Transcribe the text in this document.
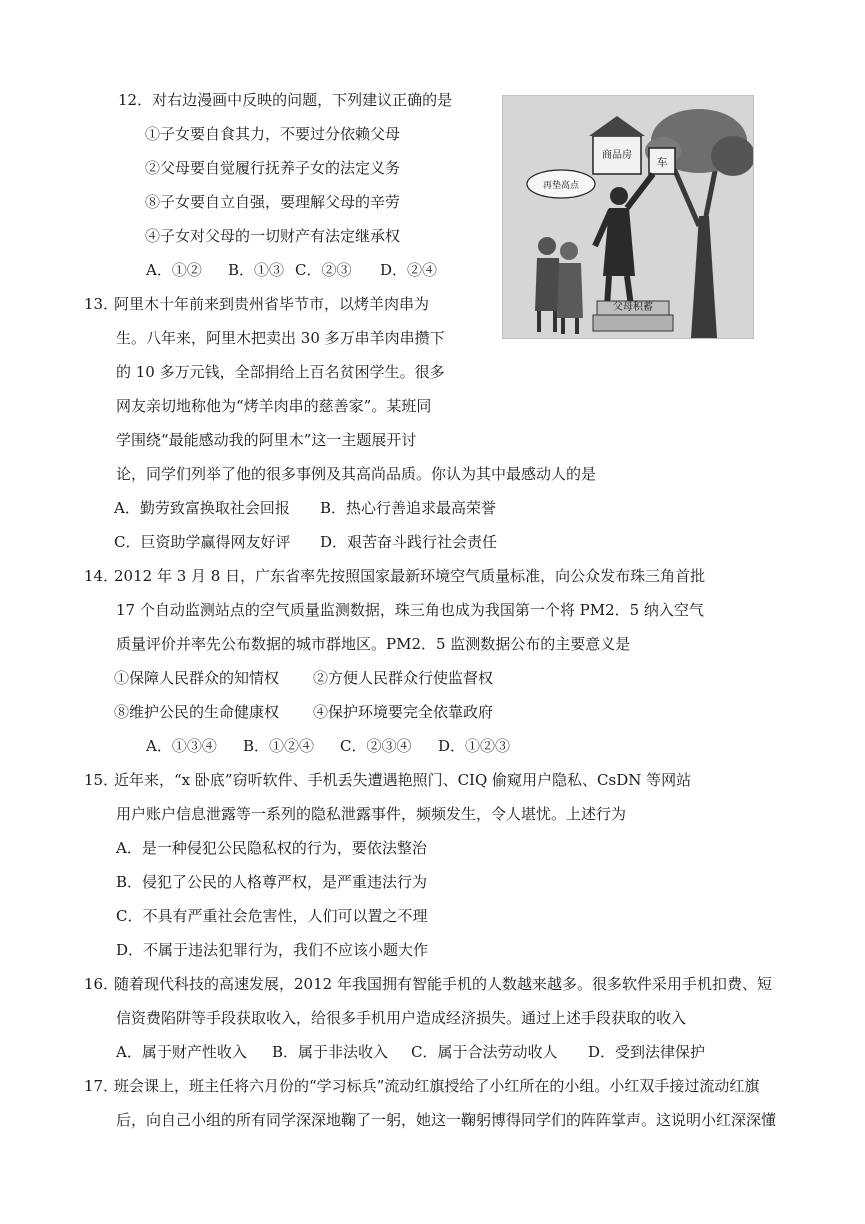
12．对右边漫画中反映的问题，下列建议正确的是
①子女要自食其力，不要过分依赖父母
②父母要自觉履行抚养子女的法定义务
⑧子女要自立自强，要理解父母的辛劳
④子女对父母的一切财产有法定继承权
A．①② B．①③ C．②③ D．②④
商品房
车
再垫高点
父母积蓄
13．
阿里木十年前来到贵州省毕节市，以烤羊肉串为
生。八年来，阿里木把卖出 30 多万串羊肉串攒下
的 10 多万元钱，全部捐给上百名贫困学生。很多
网友亲切地称他为“烤羊肉串的慈善家”。某班同
学围绕“最能感动我的阿里木”这一主题展开讨
论，同学们列举了他的很多事例及其高尚品质。你认为其中最感动人的是
A．勤劳致富换取社会回报 B．热心行善追求最高荣誉
C．巨资助学赢得网友好评 D．艰苦奋斗践行社会责任
14．
2012 年 3 月 8 日，广东省率先按照国家最新环境空气质量标准，向公众发布珠三角首批
17 个自动监测站点的空气质量监测数据，珠三角也成为我国第一个将 PM2．5 纳入空气
质量评价并率先公布数据的城市群地区。PM2．5 监测数据公布的主要意义是
①保障人民群众的知情权 ②方便人民群众行使监督权
⑧维护公民的生命健康权 ④保护环境要完全依靠政府
A．①③④ B．①②④ C．②③④ D．①②③
15．
近年来，“x 卧底”窃听软件、手机丢失遭遇艳照门、CIQ 偷窥用户隐私、CsDN 等网站
用户账户信息泄露等一系列的隐私泄露事件，频频发生，令人堪忧。上述行为
A．是一种侵犯公民隐私权的行为，要依法整治
B．侵犯了公民的人格尊严权，是严重违法行为
C．不具有严重社会危害性，人们可以置之不理
D．不属于违法犯罪行为，我们不应该小题大作
16．
随着现代科技的高速发展，2012 年我国拥有智能手机的人数越来越多。很多软件采用手机扣费、短
信资费陷阱等手段获取收入，给很多手机用户造成经济损失。通过上述手段获取的收入
A．属于财产性收入 B．属于非法收入 C．属于合法劳动收人 D．受到法律保护
17．
班会课上，班主任将六月份的“学习标兵”流动红旗授给了小红所在的小组。小红双手接过流动红旗
后，向自己小组的所有同学深深地鞠了一躬，她这一鞠躬博得同学们的阵阵掌声。这说明小红深深懂
